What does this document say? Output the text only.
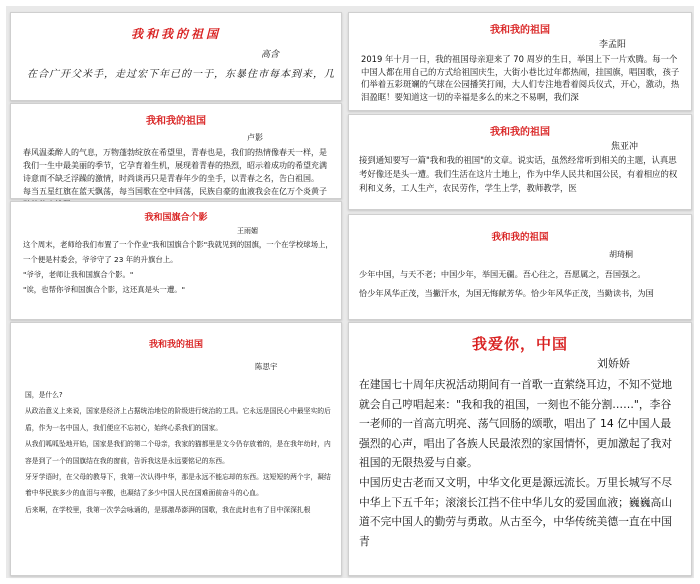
我和我的祖国
高含
在合广开父米手，走过宏下年已的一于，东暴住市每本到来，几
我和我的祖国
卢影
春风温柔醉人的气息，万物蓬勃绽放在希望里，青春也是，我们的热情像春天一样，是我们一生中最美丽的季节，它孕育着生机，展现着青春的热烈，昭示着成功的希望充满诗意而不缺乏浮躁的激情，时尚谈再只是青春年少的坐手，以青春之名，告白祖国。
每当五星红旗在蓝天飘荡，每当国歌在空中回荡，民族自豪的血液我会在亿万个炎黄子
我和国旗合个影
王雨媚
这个周末，老师给我们布置了一个作业"我和国旗合个影"我就见到的国旗，一个在学校球场上，一个便是村委会，爷爷守了 23 年的升旗台上。
"爷爷，老师让我和国旗合个影。"
"诶，也帮你爷和国旗合个影，这还真是头一遭。"
我和我的祖国
陈思宇
国，是什么?
从政治意义上来说，国家是经济上占据统治地位的阶级进行统治的工具。它永远是国民心中最坚实的后盾，作为一名中国人，我们便应不忘初心，始终心系我们的国家。
从我们呱呱坠地开始，国家是我们的第二个母亲，我家的猫都里是文今仍存放着的，是在我年幼时，内容是到了一个的国旗结在我的窗前，告诉我这是永远要铭记的东西。
牙牙学语时，在父母的教导下，我第一次认得中华，那是永远不能忘却的东西。这短短的两个字，凝结着中华民族多少的血泪与辛酸，也凝结了多少中国人民在国难面前奋斗的心血。
后来啊，在学校里，我第一次学会咏诵的，是那激昂澎湃的国歌，我在此时也有了目中深深扎根
我和我的祖国
李孟阳
2019 年十月一日，我的祖国母亲迎来了 70 周岁的生日，举国上下一片欢腾。每一个中国人都在用自己的方式给祖国庆生，大街小巷比过年都热闹，挂国旗，唱国歌，孩子们举着五彩斑斓的气球在公园播笑打闹，大人们专注地看着阅兵仪式，开心，激动，热泪盈眶！要知道这一切的幸福是多么的来之不易啊，我们深
我和我的祖国
焦亚冲
接到通知要写一篇"我和我的祖国"的文章。说实话，虽然经常听到相关的主题，认真思考好像还是头一遭。我们生活在这片土地上，作为中华人民共和国公民，有着相应的权利和义务，工人生产，农民劳作，学生上学，教师教学，医
我和我的祖国
胡琦桐
少年中国，与天不老；中国少年，举国无疆。吾心往之，吾愿属之，吾国强之。
恰少年风华正茂，当撇汗水，为国无悔献芳华。恰少年风华正茂，当勤读书，为国
我爱你，中国
刘娇娇
在建国七十周年庆祝活动期间有一首歌一直萦绕耳边，不知不觉地就会自己哼唱起来："我和我的祖国，一刻也不能分割……"，李谷一老师的一首高亢明亮、荡气回肠的颂歌，唱出了 14 亿中国人最强烈的心声，唱出了各族人民最浓烈的家国情怀，更加激起了我对祖国的无限热爱与自豪。
中国历史古老而又文明，中华文化更是源远流长。万里长城写不尽中华上下五千年；滚滚长江挡不住中华儿女的爱国血液；巍巍高山道不完中国人的勤劳与勇敢。从古至今，中华传统美德一直在中国青
